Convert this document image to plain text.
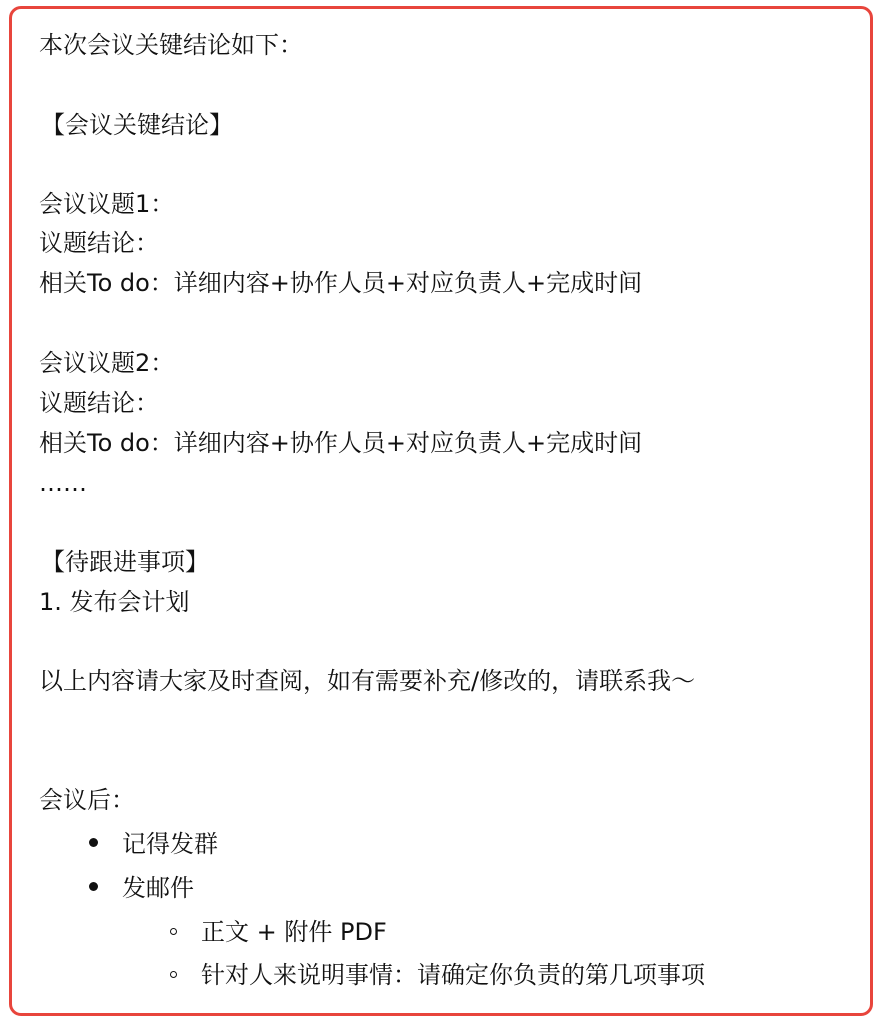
本次会议关键结论如下：
【会议关键结论】
会议议题1：
议题结论：
相关To do：详细内容+协作人员+对应负责人+完成时间
会议议题2：
议题结论：
相关To do：详细内容+协作人员+对应负责人+完成时间
……
【待跟进事项】
1. 发布会计划
以上内容请大家及时查阅，如有需要补充/修改的，请联系我～
会议后：
记得发群
发邮件
正文 + 附件 PDF
针对人来说明事情：请确定你负责的第几项事项
